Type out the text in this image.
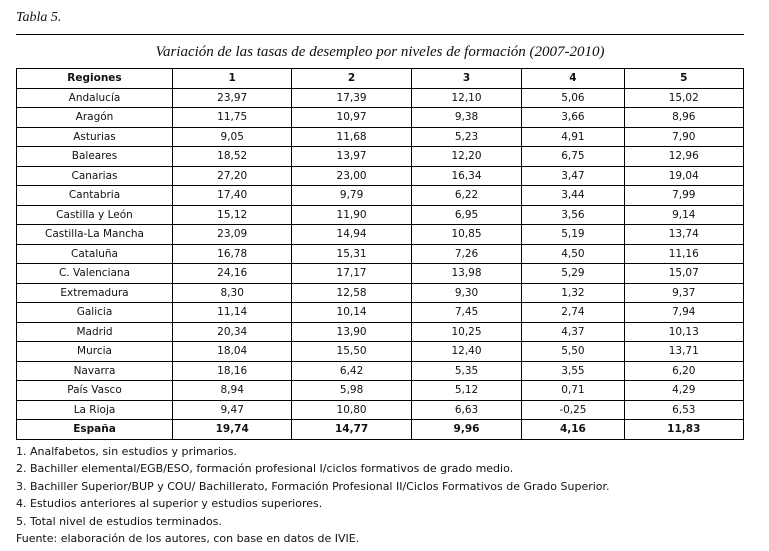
Tabla 5.
Variación de las tasas de desempleo por niveles de formación (2007-2010)
Regiones	1	2	3	4	5
Andalucía	23,97	17,39	12,10	5,06	15,02
Aragón	11,75	10,97	9,38	3,66	8,96
Asturias	9,05	11,68	5,23	4,91	7,90
Baleares	18,52	13,97	12,20	6,75	12,96
Canarias	27,20	23,00	16,34	3,47	19,04
Cantabria	17,40	9,79	6,22	3,44	7,99
Castilla y León	15,12	11,90	6,95	3,56	9,14
Castilla-La Mancha	23,09	14,94	10,85	5,19	13,74
Cataluña	16,78	15,31	7,26	4,50	11,16
C. Valenciana	24,16	17,17	13,98	5,29	15,07
Extremadura	8,30	12,58	9,30	1,32	9,37
Galicia	11,14	10,14	7,45	2,74	7,94
Madrid	20,34	13,90	10,25	4,37	10,13
Murcia	18,04	15,50	12,40	5,50	13,71
Navarra	18,16	6,42	5,35	3,55	6,20
País Vasco	8,94	5,98	5,12	0,71	4,29
La Rioja	9,47	10,80	6,63	-0,25	6,53
España	19,74	14,77	9,96	4,16	11,83
1. Analfabetos, sin estudios y primarios.
2. Bachiller elemental/EGB/ESO, formación profesional I/ciclos formativos de grado medio.
3. Bachiller Superior/BUP y COU/ Bachillerato, Formación Profesional II/Ciclos Formativos de Grado Superior.
4. Estudios anteriores al superior y estudios superiores.
5. Total nivel de estudios terminados.
Fuente: elaboración de los autores, con base en datos de IVIE.
